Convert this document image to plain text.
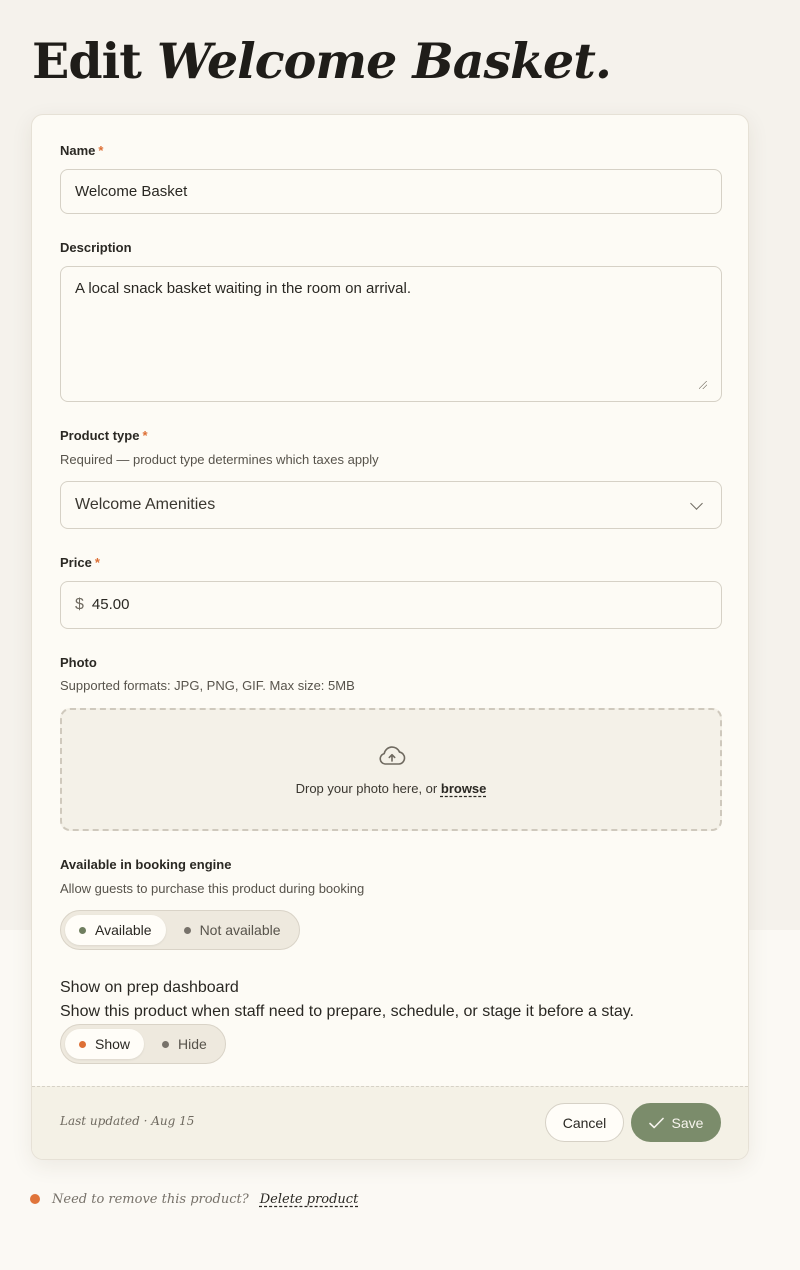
Edit Welcome Basket.
Name *
Welcome Basket
Description
A local snack basket waiting in the room on arrival.
Product type *
Required — product type determines which taxes apply
Welcome Amenities
Price *
$ 45.00
Photo
Supported formats: JPG, PNG, GIF. Max size: 5MB
Drop your photo here, or browse
Available in booking engine
Allow guests to purchase this product during booking
Available	Not available
Show on prep dashboard
Show this product when staff need to prepare, schedule, or stage it before a stay.
Show	Hide
Last updated · Aug 15	Cancel	Save
Need to remove this product? Delete product
